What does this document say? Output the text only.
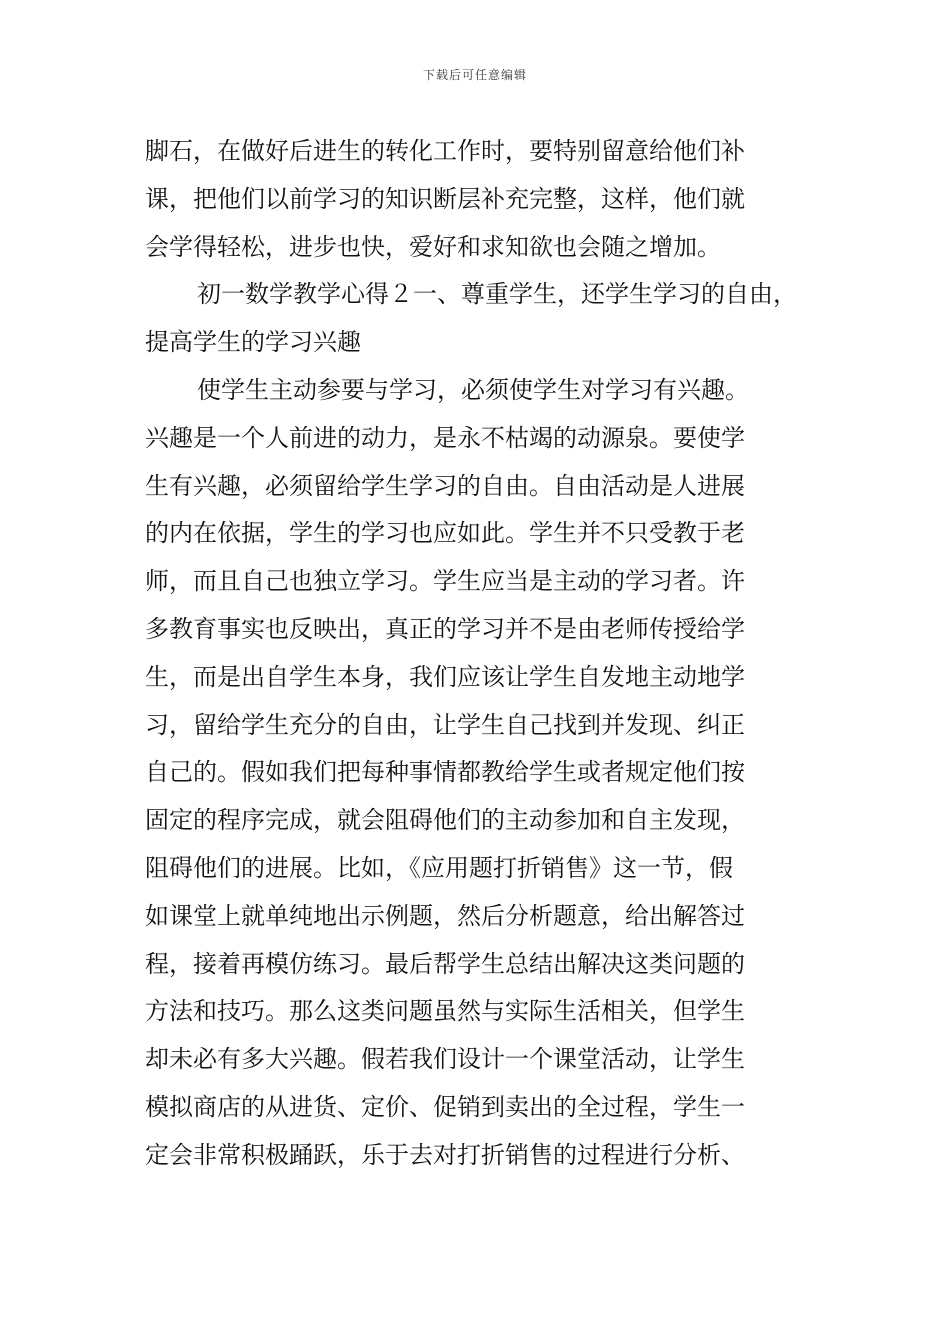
下载后可任意编辑
脚石，在做好后进生的转化工作时，要特别留意给他们补
课，把他们以前学习的知识断层补充完整，这样，他们就
会学得轻松，进步也快，爱好和求知欲也会随之增加。
初一数学教学心得２一、尊重学生，还学生学习的自由，
提高学生的学习兴趣
使学生主动参要与学习，必须使学生对学习有兴趣。
兴趣是一个人前进的动力，是永不枯竭的动源泉。要使学
生有兴趣，必须留给学生学习的自由。自由活动是人进展
的内在依据，学生的学习也应如此。学生并不只受教于老
师，而且自己也独立学习。学生应当是主动的学习者。许
多教育事实也反映出，真正的学习并不是由老师传授给学
生，而是出自学生本身，我们应该让学生自发地主动地学
习，留给学生充分的自由，让学生自己找到并发现、纠正
自己的。假如我们把每种事情都教给学生或者规定他们按
固定的程序完成，就会阻碍他们的主动参加和自主发现，
阻碍他们的进展。比如，《应用题打折销售》这一节，假
如课堂上就单纯地出示例题，然后分析题意，给出解答过
程，接着再模仿练习。最后帮学生总结出解决这类问题的
方法和技巧。那么这类问题虽然与实际生活相关，但学生
却未必有多大兴趣。假若我们设计一个课堂活动，让学生
模拟商店的从进货、定价、促销到卖出的全过程，学生一
定会非常积极踊跃，乐于去对打折销售的过程进行分析、
